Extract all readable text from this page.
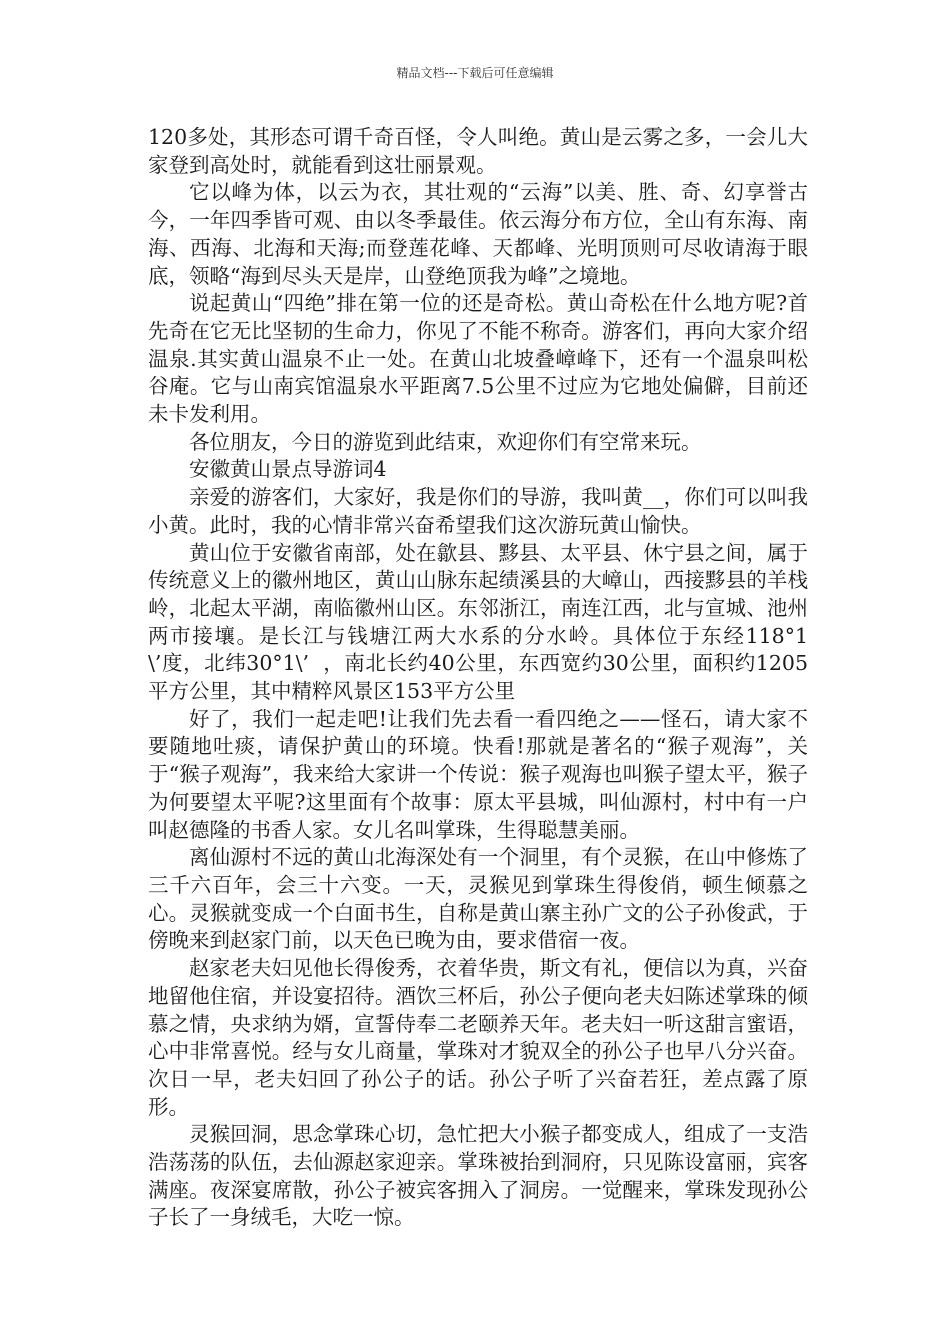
精品文档---下载后可任意编辑

120多处，其形态可谓千奇百怪，令人叫绝。黄山是云雾之多，一会儿大家登到高处时，就能看到这壮丽景观。

它以峰为体，以云为衣，其壮观的“云海”以美、胜、奇、幻享誉古今，一年四季皆可观、由以冬季最佳。依云海分布方位，全山有东海、南海、西海、北海和天海;而登莲花峰、天都峰、光明顶则可尽收请海于眼底，领略“海到尽头天是岸，山登绝顶我为峰”之境地。

说起黄山“四绝”排在第一位的还是奇松。黄山奇松在什么地方呢?首先奇在它无比坚韧的生命力，你见了不能不称奇。游客们，再向大家介绍温泉.其实黄山温泉不止一处。在黄山北坡叠嶂峰下，还有一个温泉叫松谷庵。它与山南宾馆温泉水平距离7.5公里不过应为它地处偏僻，目前还未卡发利用。

各位朋友，今日的游览到此结束，欢迎你们有空常来玩。

安徽黄山景点导游词4

亲爱的游客们，大家好，我是你们的导游，我叫黄__，你们可以叫我小黄。此时，我的心情非常兴奋希望我们这次游玩黄山愉快。

黄山位于安徽省南部，处在歙县、黟县、太平县、休宁县之间，属于传统意义上的徽州地区，黄山山脉东起绩溪县的大嶂山，西接黟县的羊栈岭，北起太平湖，南临徽州山区。东邻浙江，南连江西，北与宣城、池州两市接壤。是长江与钱塘江两大水系的分水岭。具体位于东经118°1\’度，北纬30°1\’  ，南北长约40公里，东西宽约30公里，面积约1205平方公里，其中精粹风景区153平方公里

好了，我们一起走吧!让我们先去看一看四绝之——怪石，请大家不要随地吐痰，请保护黄山的环境。快看!那就是著名的“猴子观海”，关于“猴子观海”，我来给大家讲一个传说：猴子观海也叫猴子望太平，猴子为何要望太平呢?这里面有个故事：原太平县城，叫仙源村，村中有一户叫赵德隆的书香人家。女儿名叫掌珠，生得聪慧美丽。

离仙源村不远的黄山北海深处有一个洞里，有个灵猴，在山中修炼了三千六百年，会三十六变。一天，灵猴见到掌珠生得俊俏，顿生倾慕之心。灵猴就变成一个白面书生，自称是黄山寨主孙广文的公子孙俊武，于傍晚来到赵家门前，以天色已晚为由，要求借宿一夜。

赵家老夫妇见他长得俊秀，衣着华贵，斯文有礼，便信以为真，兴奋地留他住宿，并设宴招待。酒饮三杯后，孙公子便向老夫妇陈述掌珠的倾慕之情，央求纳为婿，宣誓侍奉二老颐养天年。老夫妇一听这甜言蜜语，心中非常喜悦。经与女儿商量，掌珠对才貌双全的孙公子也早八分兴奋。次日一早，老夫妇回了孙公子的话。孙公子听了兴奋若狂，差点露了原形。

灵猴回洞，思念掌珠心切，急忙把大小猴子都变成人，组成了一支浩浩荡荡的队伍，去仙源赵家迎亲。掌珠被抬到洞府，只见陈设富丽，宾客满座。夜深宴席散，孙公子被宾客拥入了洞房。一觉醒来，掌珠发现孙公子长了一身绒毛，大吃一惊。
